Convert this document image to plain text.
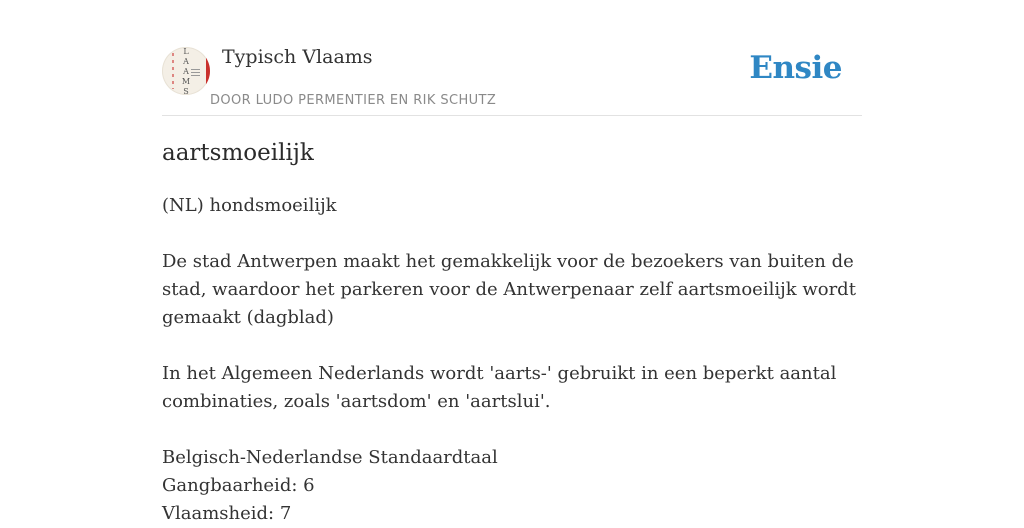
L
A
A
M
S
Typisch Vlaams
DOOR LUDO PERMENTIER EN RIK SCHUTZ
Ensie
aartsmoeilijk

(NL) hondsmoeilijk

De stad Antwerpen maakt het gemakkelijk voor de bezoekers van buiten de stad, waardoor het parkeren voor de Antwerpenaar zelf aartsmoeilijk wordt gemaakt (dagblad)

In het Algemeen Nederlands wordt 'aarts-' gebruikt in een beperkt aantal combinaties, zoals 'aartsdom' en 'aartslui'.

Belgisch-Nederlandse Standaardtaal

Gangbaarheid: 6

Vlaamsheid: 7
